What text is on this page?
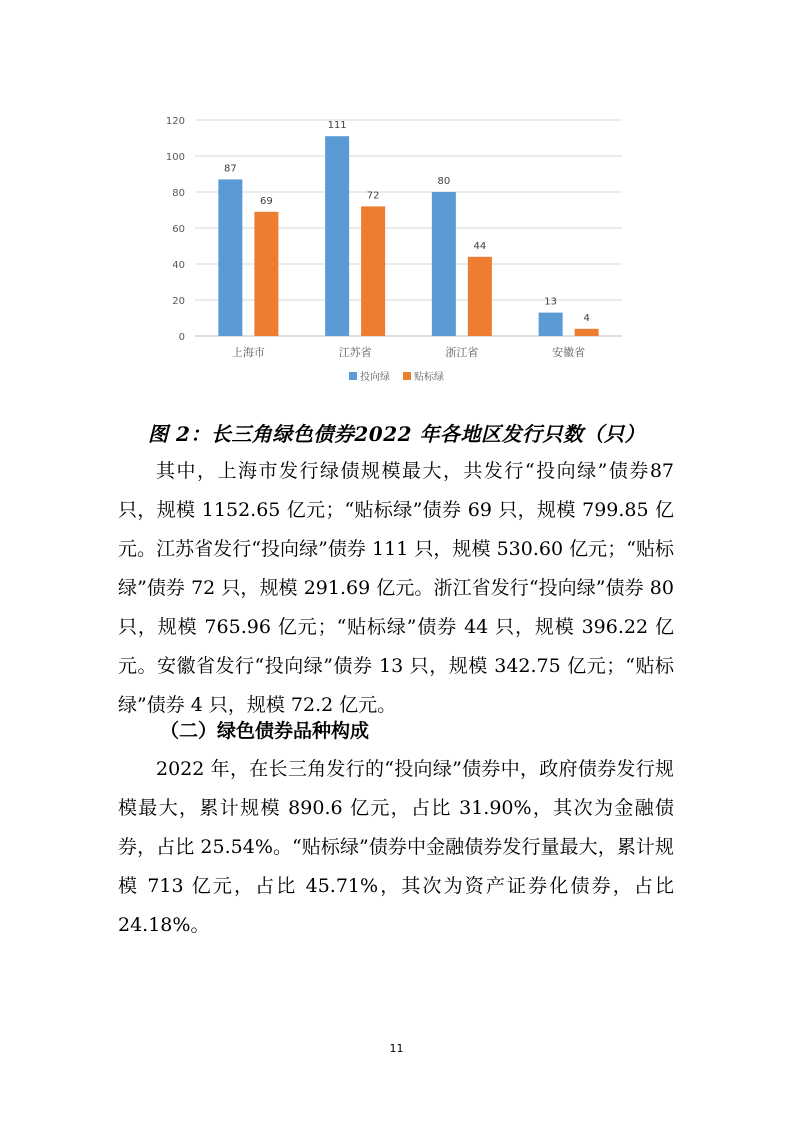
0
20
40
60
80
100
120
87
69
111
72
80
44
13
4
上海市	江苏省	浙江省	安徽省
投向绿 贴标绿
图 2：长三角绿色债券2022 年各地区发行只数（只）

其中，上海市发行绿债规模最大，共发行“投向绿”债券87只，规模 1152.65 亿元；“贴标绿”债券 69 只，规模 799.85 亿元。江苏省发行“投向绿”债券 111 只，规模 530.60 亿元；“贴标绿”债券 72 只，规模 291.69 亿元。浙江省发行“投向绿”债券 80只，规模 765.96 亿元；“贴标绿”债券 44 只，规模 396.22 亿元。安徽省发行“投向绿”债券 13 只，规模 342.75 亿元；“贴标绿”债券 4 只，规模 72.2 亿元。

（二）绿色债券品种构成

2022 年，在长三角发行的“投向绿”债券中，政府债券发行规模最大，累计规模 890.6 亿元，占比 31.90%，其次为金融债券，占比 25.54%。“贴标绿”债券中金融债券发行量最大，累计规模 713 亿元，占比 45.71%，其次为资产证券化债券，占比24.18%。

11
